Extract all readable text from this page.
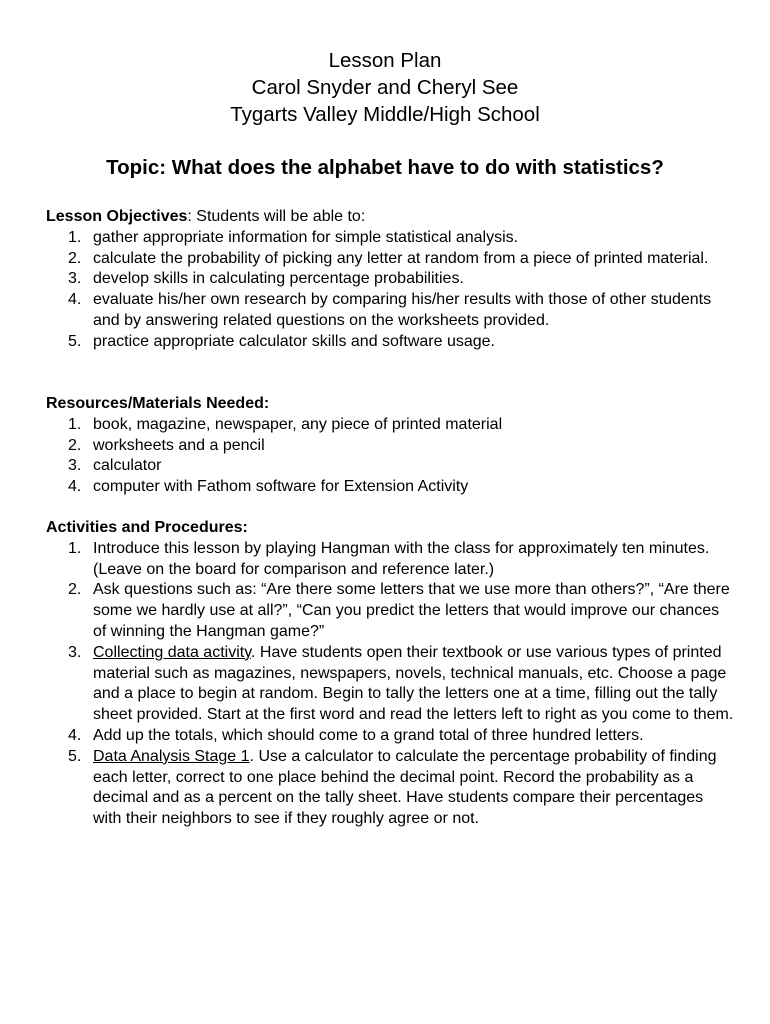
Lesson Plan
Carol Snyder and Cheryl See
Tygarts Valley Middle/High School
Topic: What does the alphabet have to do with statistics?
Lesson Objectives: Students will be able to:
1. gather appropriate information for simple statistical analysis.
2. calculate the probability of picking any letter at random from a piece of printed material.
3. develop skills in calculating percentage probabilities.
4. evaluate his/her own research by comparing his/her results with those of other students and by answering related questions on the worksheets provided.
5. practice appropriate calculator skills and software usage.
Resources/Materials Needed:
1. book, magazine, newspaper, any piece of printed material
2. worksheets and a pencil
3. calculator
4. computer with Fathom software for Extension Activity
Activities and Procedures:
1. Introduce this lesson by playing Hangman with the class for approximately ten minutes. (Leave on the board for comparison and reference later.)
2. Ask questions such as: “Are there some letters that we use more than others?”, “Are there some we hardly use at all?”, “Can you predict the letters that would improve our chances of winning the Hangman game?”
3. Collecting data activity. Have students open their textbook or use various types of printed material such as magazines, newspapers, novels, technical manuals, etc. Choose a page and a place to begin at random. Begin to tally the letters one at a time, filling out the tally sheet provided. Start at the first word and read the letters left to right as you come to them.
4. Add up the totals, which should come to a grand total of three hundred letters.
5. Data Analysis Stage 1. Use a calculator to calculate the percentage probability of finding each letter, correct to one place behind the decimal point. Record the probability as a decimal and as a percent on the tally sheet. Have students compare their percentages with their neighbors to see if they roughly agree or not.
